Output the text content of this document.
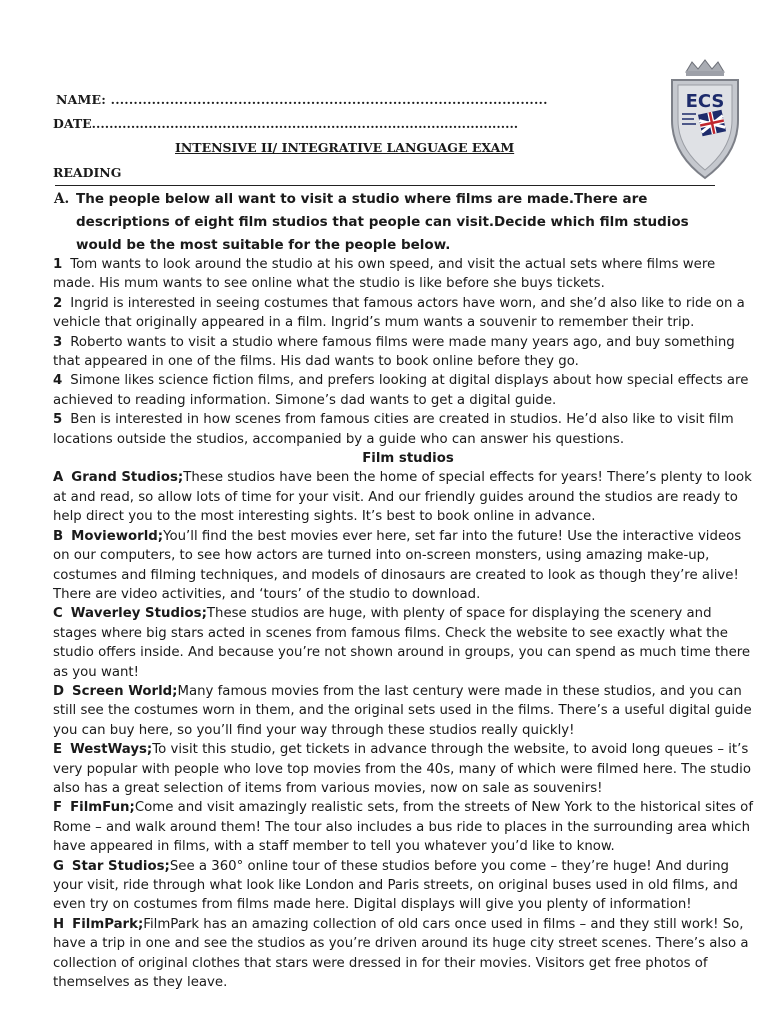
NAME: ................................................................................................
DATE..................................................................................................
INTENSIVE II/ INTEGRATIVE LANGUAGE EXAM
READING
ECS
A. The people below all want to visit a studio where films are made.There are descriptions of eight film studios that people can visit.Decide which film studios would be the most suitable for the people below.

1 Tom wants to look around the studio at his own speed, and visit the actual sets where films were made. His mum wants to see online what the studio is like before she buys tickets.

2 Ingrid is interested in seeing costumes that famous actors have worn, and she’d also like to ride on a vehicle that originally appeared in a film. Ingrid’s mum wants a souvenir to remember their trip.

3 Roberto wants to visit a studio where famous films were made many years ago, and buy something that appeared in one of the films. His dad wants to book online before they go.

4 Simone likes science fiction films, and prefers looking at digital displays about how special effects are achieved to reading information. Simone’s dad wants to get a digital guide.

5 Ben is interested in how scenes from famous cities are created in studios. He’d also like to visit film locations outside the studios, accompanied by a guide who can answer his questions.

Film studios

A Grand Studios;These studios have been the home of special effects for years! There’s plenty to look at and read, so allow lots of time for your visit. And our friendly guides around the studios are ready to help direct you to the most interesting sights. It’s best to book online in advance.

B Movieworld;You’ll find the best movies ever here, set far into the future! Use the interactive videos on our computers, to see how actors are turned into on-screen monsters, using amazing make-up, costumes and filming techniques, and models of dinosaurs are created to look as though they’re alive! There are video activities, and ‘tours’ of the studio to download.

C Waverley Studios;These studios are huge, with plenty of space for displaying the scenery and stages where big stars acted in scenes from famous films. Check the website to see exactly what the studio offers inside. And because you’re not shown around in groups, you can spend as much time there as you want!

D Screen World;Many famous movies from the last century were made in these studios, and you can still see the costumes worn in them, and the original sets used in the films. There’s a useful digital guide you can buy here, so you’ll find your way through these studios really quickly!

E WestWays;To visit this studio, get tickets in advance through the website, to avoid long queues – it’s very popular with people who love top movies from the 40s, many of which were filmed here. The studio also has a great selection of items from various movies, now on sale as souvenirs!

F FilmFun;Come and visit amazingly realistic sets, from the streets of New York to the historical sites of Rome – and walk around them! The tour also includes a bus ride to places in the surrounding area which have appeared in films, with a staff member to tell you whatever you’d like to know.

G Star Studios;See a 360° online tour of these studios before you come – they’re huge! And during your visit, ride through what look like London and Paris streets, on original buses used in old films, and even try on costumes from films made here. Digital displays will give you plenty of information!

H FilmPark;FilmPark has an amazing collection of old cars once used in films – and they still work! So, have a trip in one and see the studios as you’re driven around its huge city street scenes. There’s also a collection of original clothes that stars were dressed in for their movies. Visitors get free photos of themselves as they leave.
